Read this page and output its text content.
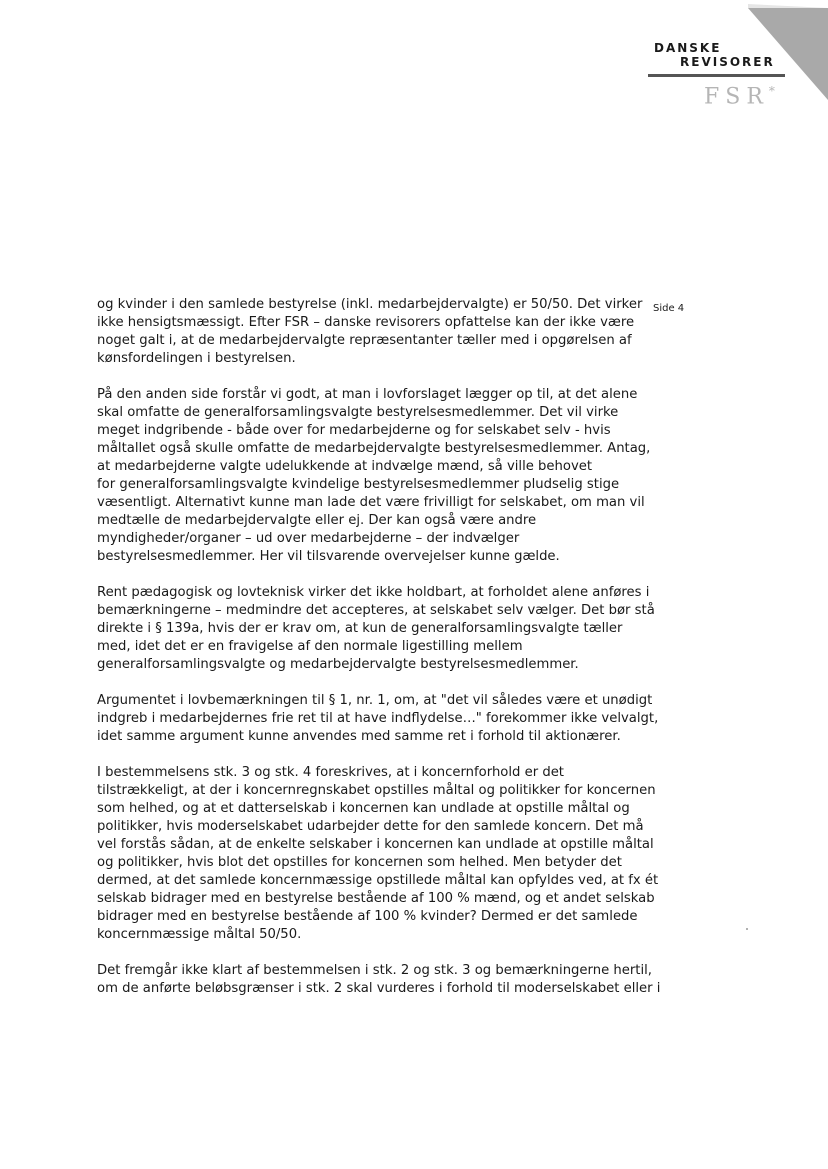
DANSKE
REVISORER
FSR*
Side 4
og kvinder i den samlede bestyrelse (inkl. medarbejdervalgte) er 50/50. Det virker
ikke hensigtsmæssigt. Efter FSR – danske revisorers opfattelse kan der ikke være
noget galt i, at de medarbejdervalgte repræsentanter tæller med i opgørelsen af
kønsfordelingen i bestyrelsen.
På den anden side forstår vi godt, at man i lovforslaget lægger op til, at det alene
skal omfatte de generalforsamlingsvalgte bestyrelsesmedlemmer. Det vil virke
meget indgribende - både over for medarbejderne og for selskabet selv - hvis
måltallet også skulle omfatte de medarbejdervalgte bestyrelsesmedlemmer. Antag,
at medarbejderne valgte udelukkende at indvælge mænd, så ville behovet
for generalforsamlingsvalgte kvindelige bestyrelsesmedlemmer pludselig stige
væsentligt. Alternativt kunne man lade det være frivilligt for selskabet, om man vil
medtælle de medarbejdervalgte eller ej. Der kan også være andre
myndigheder/organer – ud over medarbejderne – der indvælger
bestyrelsesmedlemmer. Her vil tilsvarende overvejelser kunne gælde.
Rent pædagogisk og lovteknisk virker det ikke holdbart, at forholdet alene anføres i
bemærkningerne – medmindre det accepteres, at selskabet selv vælger. Det bør stå
direkte i § 139a, hvis der er krav om, at kun de generalforsamlingsvalgte tæller
med, idet det er en fravigelse af den normale ligestilling mellem
generalforsamlingsvalgte og medarbejdervalgte bestyrelsesmedlemmer.
Argumentet i lovbemærkningen til § 1, nr. 1, om, at "det vil således være et unødigt
indgreb i medarbejdernes frie ret til at have indflydelse…" forekommer ikke velvalgt,
idet samme argument kunne anvendes med samme ret i forhold til aktionærer.
I bestemmelsens stk. 3 og stk. 4 foreskrives, at i koncernforhold er det
tilstrækkeligt, at der i koncernregnskabet opstilles måltal og politikker for koncernen
som helhed, og at et datterselskab i koncernen kan undlade at opstille måltal og
politikker, hvis moderselskabet udarbejder dette for den samlede koncern. Det må
vel forstås sådan, at de enkelte selskaber i koncernen kan undlade at opstille måltal
og politikker, hvis blot det opstilles for koncernen som helhed. Men betyder det
dermed, at det samlede koncernmæssige opstillede måltal kan opfyldes ved, at fx ét
selskab bidrager med en bestyrelse bestående af 100 % mænd, og et andet selskab
bidrager med en bestyrelse bestående af 100 % kvinder? Dermed er det samlede
koncernmæssige måltal 50/50.
Det fremgår ikke klart af bestemmelsen i stk. 2 og stk. 3 og bemærkningerne hertil,
om de anførte beløbsgrænser i stk. 2 skal vurderes i forhold til moderselskabet eller i
